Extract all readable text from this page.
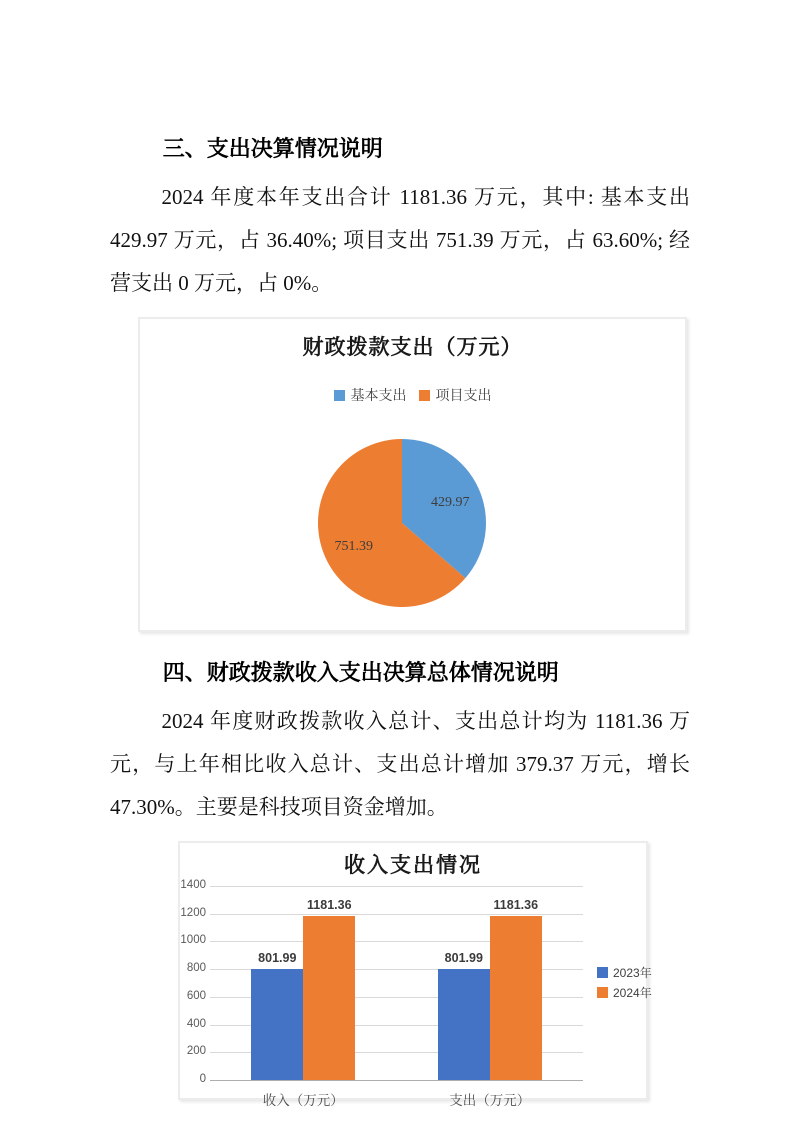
三、支出决算情况说明

2024 年度本年支出合计 1181.36 万元，其中: 基本支出 429.97 万元，占 36.40%; 项目支出 751.39 万元，占 63.60%; 经营支出 0 万元，占 0%。

财政拨款支出（万元）
基本支出 项目支出
429.97
751.39
四、财政拨款收入支出决算总体情况说明

2024 年度财政拨款收入总计、支出总计均为 1181.36 万元，与上年相比收入总计、支出总计增加 379.37 万元，增长 47.30%。主要是科技项目资金增加。

收入支出情况
0
200
400
600
800
1000
1200
1400
收入（万元）
801.99
1181.36
支出（万元）
801.99
1181.36
2023年
2024年
